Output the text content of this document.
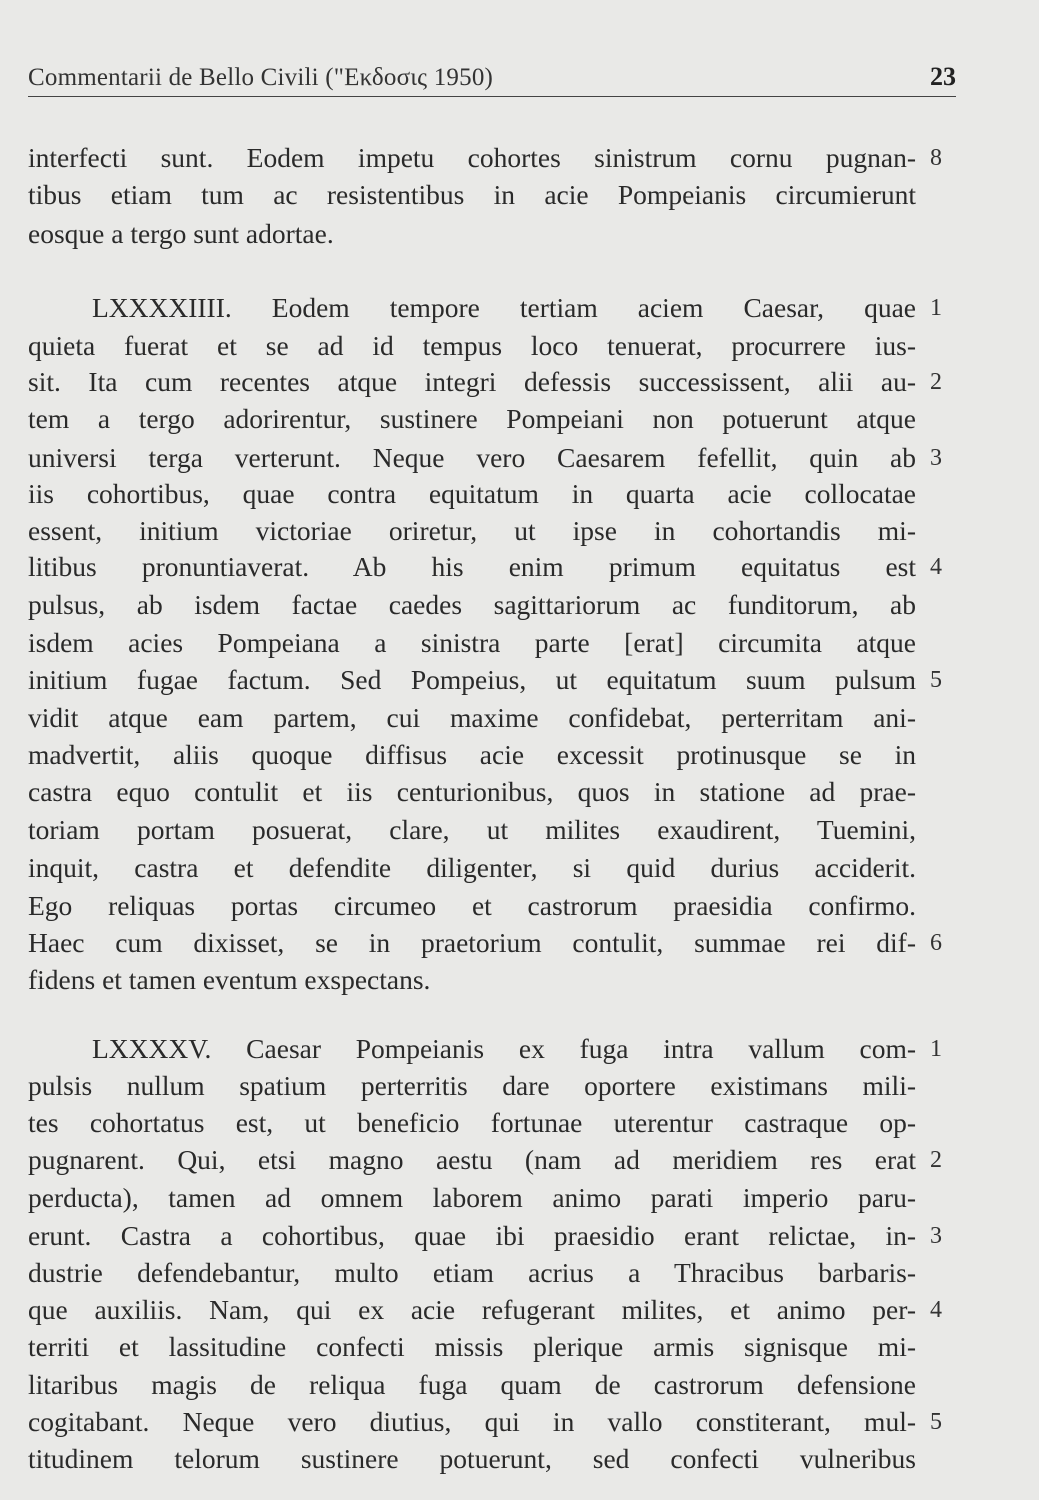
Commentarii de Bello Civili ("Εκδοσις 1950)	23
interfecti sunt. Eodem impetu cohortes sinistrum cornu pugnan-
tibus etiam tum ac resistentibus in acie Pompeianis circumierunt
eosque a tergo sunt adortae.
LXXXXIIII. Eodem tempore tertiam aciem Caesar, quae
quieta fuerat et se ad id tempus loco tenuerat, procurrere ius-
sit. Ita cum recentes atque integri defessis successissent, alii au-
tem a tergo adorirentur, sustinere Pompeiani non potuerunt atque
universi terga verterunt. Neque vero Caesarem fefellit, quin ab
iis cohortibus, quae contra equitatum in quarta acie collocatae
essent, initium victoriae oriretur, ut ipse in cohortandis mi-
litibus pronuntiaverat. Ab his enim primum equitatus est
pulsus, ab isdem factae caedes sagittariorum ac funditorum, ab
isdem acies Pompeiana a sinistra parte [erat] circumita atque
initium fugae factum. Sed Pompeius, ut equitatum suum pulsum
vidit atque eam partem, cui maxime confidebat, perterritam ani-
madvertit, aliis quoque diffisus acie excessit protinusque se in
castra equo contulit et iis centurionibus, quos in statione ad prae-
toriam portam posuerat, clare, ut milites exaudirent, Tuemini,
inquit, castra et defendite diligenter, si quid durius acciderit.
Ego reliquas portas circumeo et castrorum praesidia confirmo.
Haec cum dixisset, se in praetorium contulit, summae rei dif-
fidens et tamen eventum exspectans.
LXXXXV. Caesar Pompeianis ex fuga intra vallum com-
pulsis nullum spatium perterritis dare oportere existimans mili-
tes cohortatus est, ut beneficio fortunae uterentur castraque op-
pugnarent. Qui, etsi magno aestu (nam ad meridiem res erat
perducta), tamen ad omnem laborem animo parati imperio paru-
erunt. Castra a cohortibus, quae ibi praesidio erant relictae, in-
dustrie defendebantur, multo etiam acrius a Thracibus barbaris-
que auxiliis. Nam, qui ex acie refugerant milites, et animo per-
territi et lassitudine confecti missis plerique armis signisque mi-
litaribus magis de reliqua fuga quam de castrorum defensione
cogitabant. Neque vero diutius, qui in vallo constiterant, mul-
titudinem telorum sustinere potuerunt, sed confecti vulneribus
8
1
2
3
4
5
6
1
2
3
4
5
